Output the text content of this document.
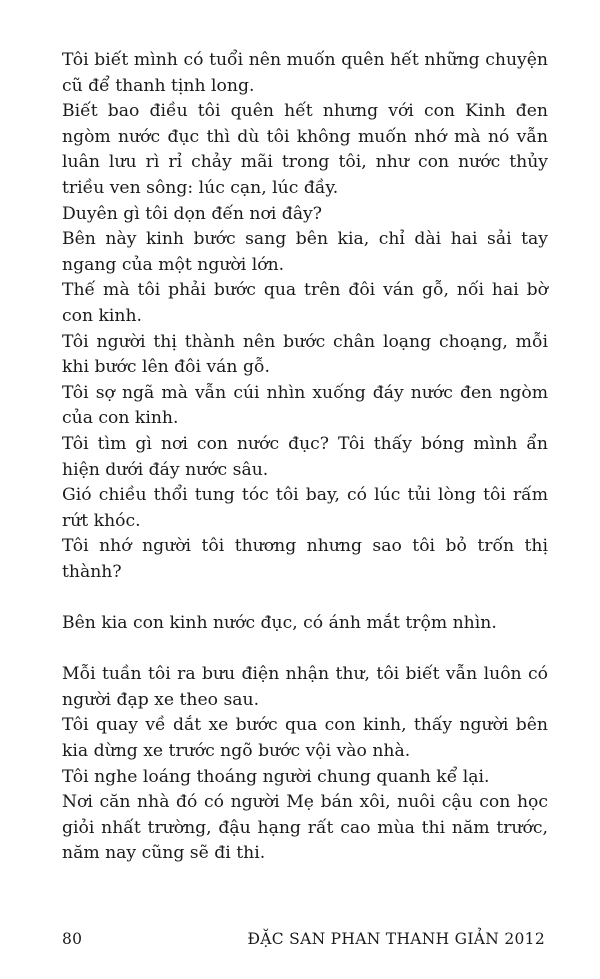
Tôi biết mình có tuổi nên muốn quên hết những chuyện cũ để thanh tịnh long.
Biết bao điều tôi quên hết nhưng với con Kinh đen ngòm nước đục thì dù tôi không muốn nhớ mà nó vẫn luân lưu rì rỉ chảy mãi trong tôi, như con nước thủy triều ven sông: lúc cạn, lúc đầy.
Duyên gì tôi dọn đến nơi đây?
Bên này kinh bước sang bên kia, chỉ dài hai sải tay ngang của một người lớn.
Thế mà tôi phải bước qua trên đôi ván gỗ, nối hai bờ con kinh.
Tôi người thị thành nên bước chân loạng choạng, mỗi khi bước lên đôi ván gỗ.
Tôi sợ ngã mà vẫn cúi nhìn xuống đáy nước đen ngòm của con kinh.
Tôi tìm gì nơi con nước đục? Tôi thấy bóng mình ẩn hiện dưới đáy nước sâu.
Gió chiều thổi tung tóc tôi bay, có lúc tủi lòng tôi rấm rứt khóc.
Tôi nhớ người tôi thương nhưng sao tôi bỏ trốn thị thành?
Bên kia con kinh nước đục, có ánh mắt trộm nhìn.
Mỗi tuần tôi ra bưu điện nhận thư, tôi biết vẫn luôn có người đạp xe theo sau.
Tôi quay về dắt xe bước qua con kinh, thấy người bên kia dừng xe trước ngõ bước vội vào nhà.
Tôi nghe loáng thoáng người chung quanh kể lại.
Nơi căn nhà đó có người Mẹ bán xôi, nuôi cậu con học giỏi nhất trường, đậu hạng rất cao mùa thi năm trước, năm nay cũng sẽ đi thi.
80	ĐẶC SAN PHAN THANH GIẢN 2012
